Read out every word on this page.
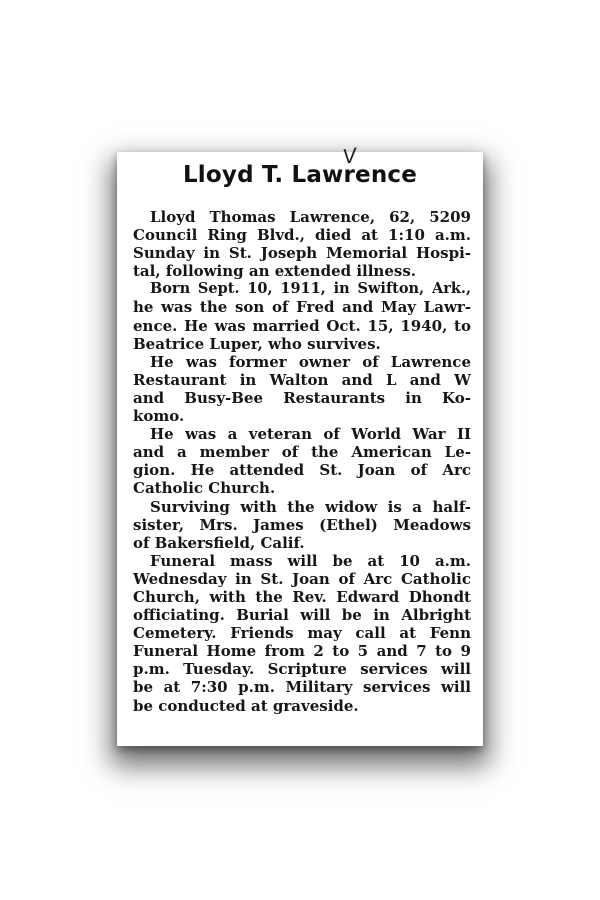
V
Lloyd T. Lawrence
Lloyd Thomas Lawrence, 62, 5209
Council Ring Blvd., died at 1:10 a.m.
Sunday in St. Joseph Memorial Hospi-
tal, following an extended illness.
Born Sept. 10, 1911, in Swifton, Ark.,
he was the son of Fred and May Lawr-
ence. He was married Oct. 15, 1940, to
Beatrice Luper, who survives.
He was former owner of Lawrence
Restaurant in Walton and L and W
and Busy-Bee Restaurants in Ko-
komo.
He was a veteran of World War II
and a member of the American Le-
gion. He attended St. Joan of Arc
Catholic Church.
Surviving with the widow is a half-
sister, Mrs. James (Ethel) Meadows
of Bakersfield, Calif.
Funeral mass will be at 10 a.m.
Wednesday in St. Joan of Arc Catholic
Church, with the Rev. Edward Dhondt
officiating. Burial will be in Albright
Cemetery. Friends may call at Fenn
Funeral Home from 2 to 5 and 7 to 9
p.m. Tuesday. Scripture services will
be at 7:30 p.m. Military services will
be conducted at graveside.
